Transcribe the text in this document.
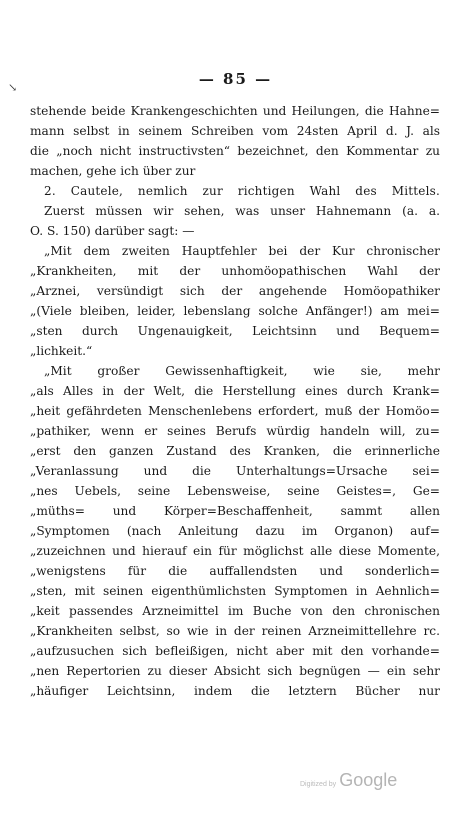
↘	— 85 —
stehende beide Krankengeschichten und Heilungen, die Hahne=
mann selbst in seinem Schreiben vom 24sten April d. J. als
die „noch nicht instructivsten“ bezeichnet, den Kommentar zu
machen, gehe ich über zur
2. Cautele, nemlich zur richtigen Wahl des Mittels.
Zuerst müssen wir sehen, was unser Hahnemann (a. a.
O. S. 150) darüber sagt: —
„Mit dem zweiten Hauptfehler bei der Kur chronischer
„Krankheiten, mit der unhomöopathischen Wahl der
„Arznei, versündigt sich der angehende Homöopathiker
„(Viele bleiben, leider, lebenslang solche Anfänger!) am mei=
„sten durch Ungenauigkeit, Leichtsinn und Bequem=
„lichkeit.“
„Mit großer Gewissenhaftigkeit, wie sie, mehr
„als Alles in der Welt, die Herstellung eines durch Krank=
„heit gefährdeten Menschenlebens erfordert, muß der Homöo=
„pathiker, wenn er seines Berufs würdig handeln will, zu=
„erst den ganzen Zustand des Kranken, die erinnerliche
„Veranlassung und die Unterhaltungs=Ursache sei=
„nes Uebels, seine Lebensweise, seine Geistes=, Ge=
„müths= und Körper=Beschaffenheit, sammt allen
„Symptomen (nach Anleitung dazu im Organon) auf=
„zuzeichnen und hierauf ein für möglichst alle diese Momente,
„wenigstens für die auffallendsten und sonderlich=
„sten, mit seinen eigenthümlichsten Symptomen in Aehnlich=
„keit passendes Arzneimittel im Buche von den chronischen
„Krankheiten selbst, so wie in der reinen Arzneimittellehre rc.
„aufzusuchen sich befleißigen, nicht aber mit den vorhande=
„nen Repertorien zu dieser Absicht sich begnügen — ein sehr
„häufiger Leichtsinn, indem die letztern Bücher nur
Digitized by Google
